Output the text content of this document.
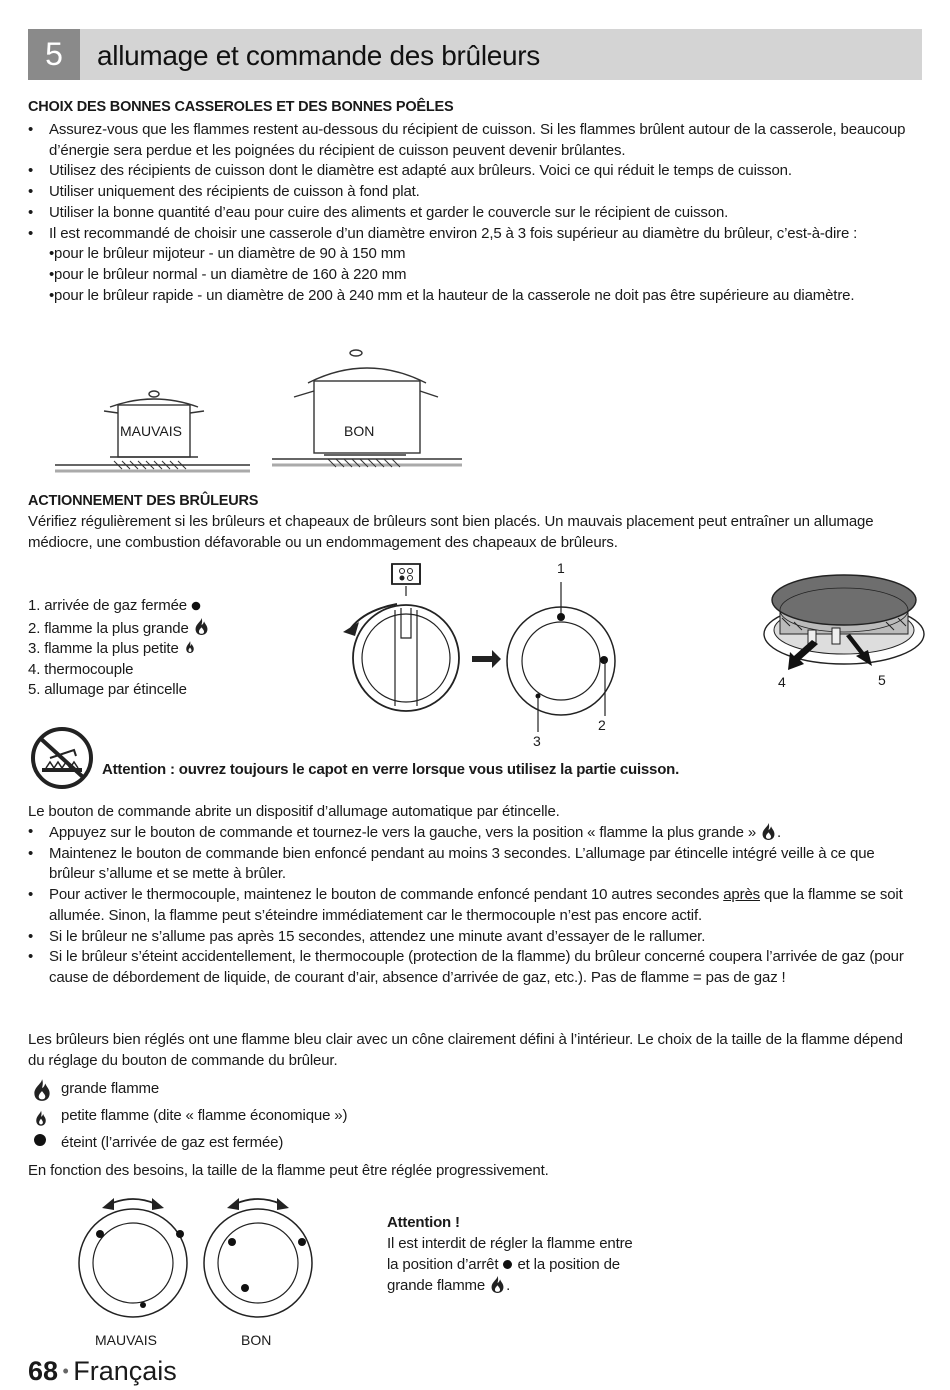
5	allumage et commande des brûleurs
CHOIX DES BONNES CASSEROLES ET DES BONNES POÊLES
• Assurez-vous que les flammes restent au-dessous du récipient de cuisson. Si les flammes brûlent autour de la casserole, beaucoup d’énergie sera perdue et les poignées du récipient de cuisson peuvent devenir brûlantes.
• Utilisez des récipients de cuisson dont le diamètre est adapté aux brûleurs. Voici ce qui réduit le temps de cuisson.
• Utiliser uniquement des récipients de cuisson à fond plat.
• Utiliser la bonne quantité d’eau pour cuire des aliments et garder le couvercle sur le récipient de cuisson.
• Il est recommandé de choisir une casserole d’un diamètre environ 2,5 à 3 fois supérieur au diamètre du brûleur, c’est-à-dire :
• pour le brûleur mijoteur - un diamètre de 90 à 150 mm
• pour le brûleur normal - un diamètre de 160 à 220 mm
• pour le brûleur rapide - un diamètre de 200 à 240 mm et la hauteur de la casserole ne doit pas être supérieure au diamètre.
MAUVAIS	BON
ACTIONNEMENT DES BRÛLEURS
Vérifiez régulièrement si les brûleurs et chapeaux de brûleurs sont bien placés. Un mauvais placement peut entraîner un allumage médiocre, une combustion défavorable ou un endommagement des chapeaux de brûleurs.
1. arrivée de gaz fermée
2. flamme la plus grande
3. flamme la plus petite
4. thermocouple
5. allumage par étincelle
1
2
3
4	5
Attention : ouvrez toujours le capot en verre lorsque vous utilisez la partie cuisson.
Le bouton de commande abrite un dispositif d’allumage automatique par étincelle.
• Appuyez sur le bouton de commande et tournez-le vers la gauche, vers la position « flamme la plus grande » .
• Maintenez le bouton de commande bien enfoncé pendant au moins 3 secondes. L’allumage par étincelle intégré veille à ce que brûleur s’allume et se mette à brûler.
• Pour activer le thermocouple, maintenez le bouton de commande enfoncé pendant 10 autres secondes après que la flamme se soit allumée. Sinon, la flamme peut s’éteindre immédiatement car le thermocouple n’est pas encore actif.
• Si le brûleur ne s’allume pas après 15 secondes, attendez une minute avant d’essayer de le rallumer.
• Si le brûleur s’éteint accidentellement, le thermocouple (protection de la flamme) du brûleur concerné coupera l’arrivée de gaz (pour cause de débordement de liquide, de courant d’air, absence d’arrivée de gaz, etc.). Pas de flamme = pas de gaz !
Les brûleurs bien réglés ont une flamme bleu clair avec un cône clairement défini à l’intérieur. Le choix de la taille de la flamme dépend du réglage du bouton de commande du brûleur.
grande flamme
petite flamme (dite « flamme économique »)
éteint (l’arrivée de gaz est fermée)
En fonction des besoins, la taille de la flamme peut être réglée progressivement.
MAUVAIS	BON
Attention !
Il est interdit de régler la flamme entre la position d’arrêt et la position de grande flamme .
68 • Français
